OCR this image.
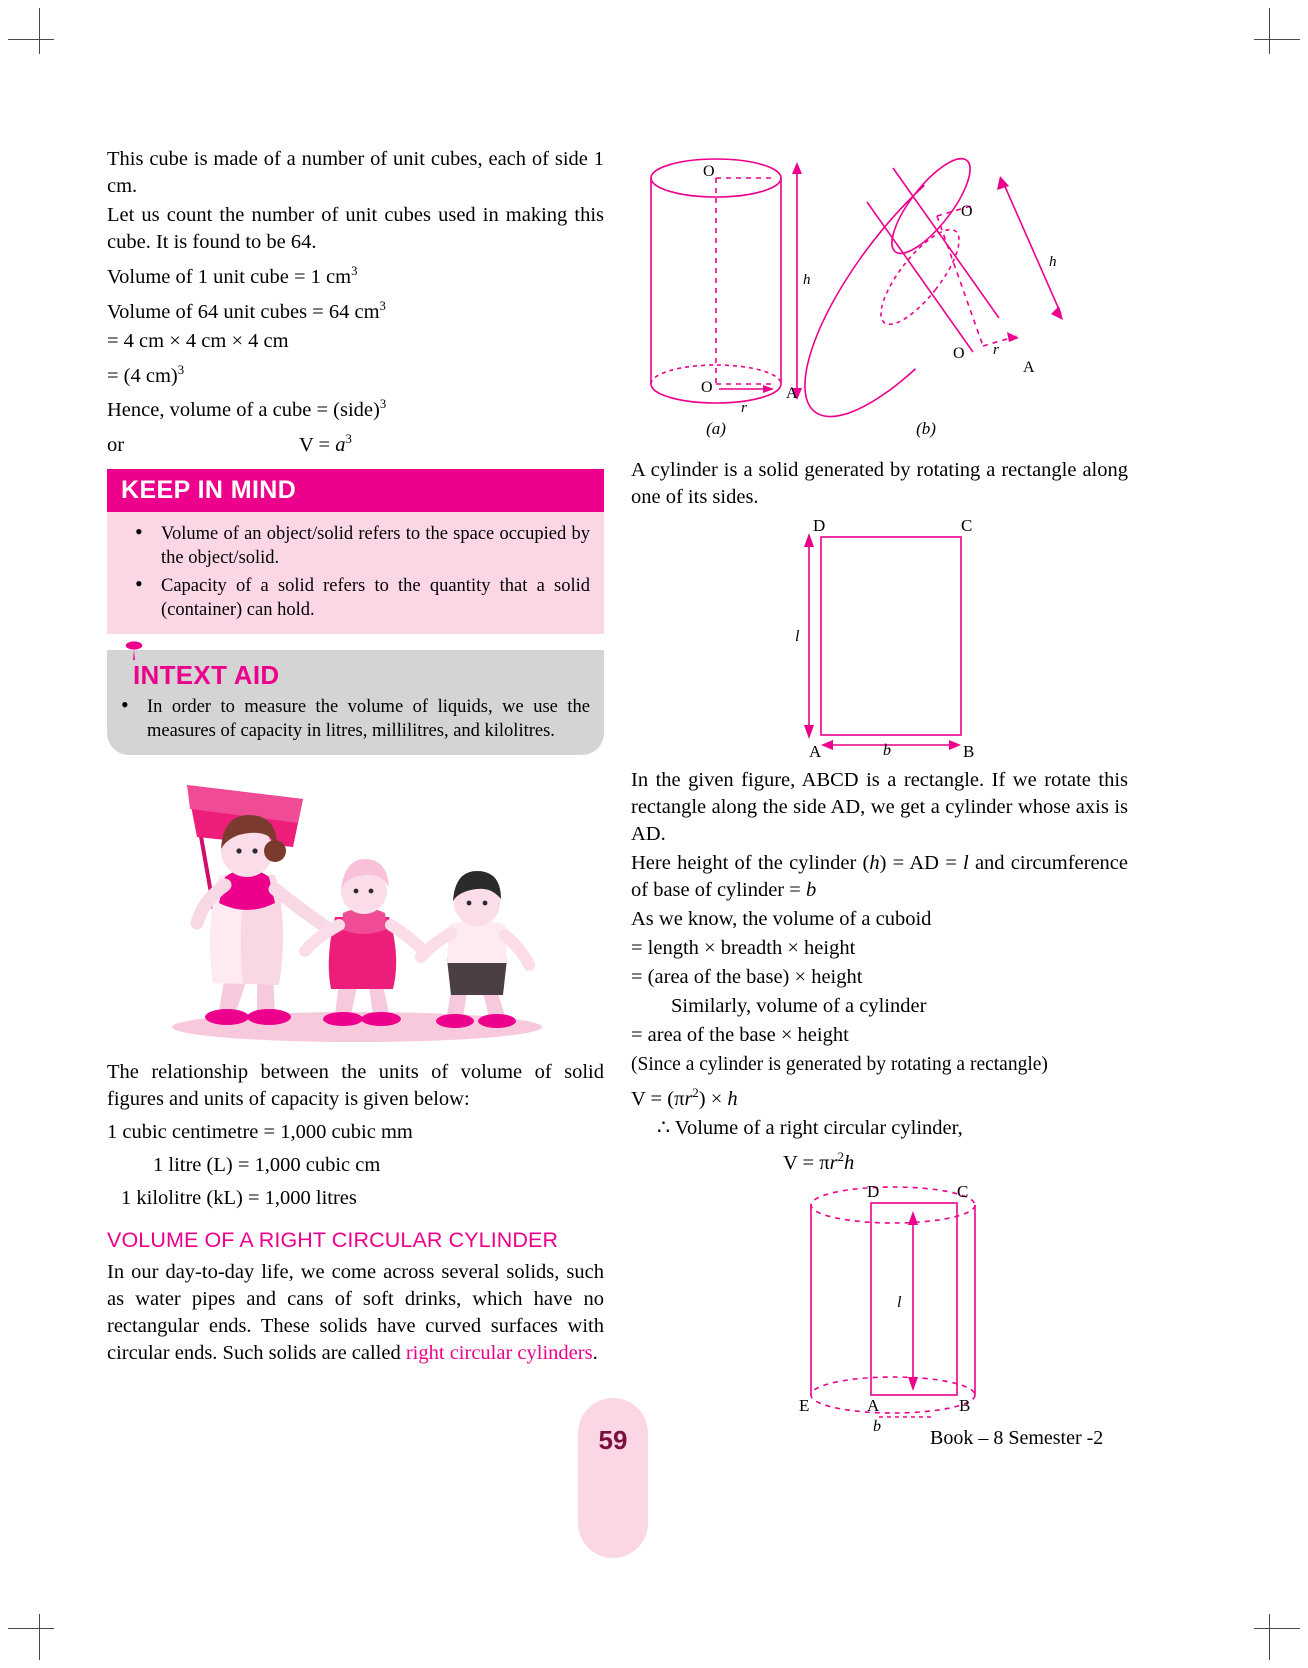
This cube is made of a number of unit cubes, each of side 1 cm.

Let us count the number of unit cubes used in making this cube. It is found to be 64.

Volume of 1 unit cube = 1 $cm^3$

Volume of 64 unit cubes = 64 $cm^3$

= 4 cm × 4 cm × 4 cm

= (4 cm)$^3$

Hence, volume of a cube = (side)$^3$

or	$V = a^3$

KEEP IN MIND
• Volume of an object/solid refers to the space occupied by the object/solid.
• Capacity of a solid refers to the quantity that a solid (container) can hold.
INTEXT AID
• In order to measure the volume of liquids, we use the measures of capacity in litres, millilitres, and kilolitres.

The relationship between the units of volume of solid figures and units of capacity is given below:

1 cubic centimetre = 1,000 cubic mm

1 litre (L) = 1,000 cubic cm

1 kilolitre (kL) = 1,000 litres

VOLUME OF A RIGHT CIRCULAR CYLINDER

In our day-to-day life, we come across several solids, such as water pipes and cans of soft drinks, which have no rectangular ends. These solids have curved surfaces with circular ends. Such solids are called right circular cylinders.

O
O	A
r
h
O
O
A
r
h
(a)	(b)

A cylinder is a solid generated by rotating a rectangle along one of its sides.

D	C
A	B
l
b

In the given figure, ABCD is a rectangle. If we rotate this rectangle along the side AD, we get a cylinder whose axis is AD.

Here height of the cylinder (h) = AD = l and circumference of base of cylinder = b

As we know, the volume of a cuboid

= length × breadth × height

= (area of the base) × height

Similarly, volume of a cylinder

= area of the base × height

(Since a cylinder is generated by rotating a rectangle)

$V = (\pi r^2) \times h$

∴ Volume of a right circular cylinder,

$V = \pi r^2h$

D	C
A	B
E
l
b
59	Book – 8 Semester -2
